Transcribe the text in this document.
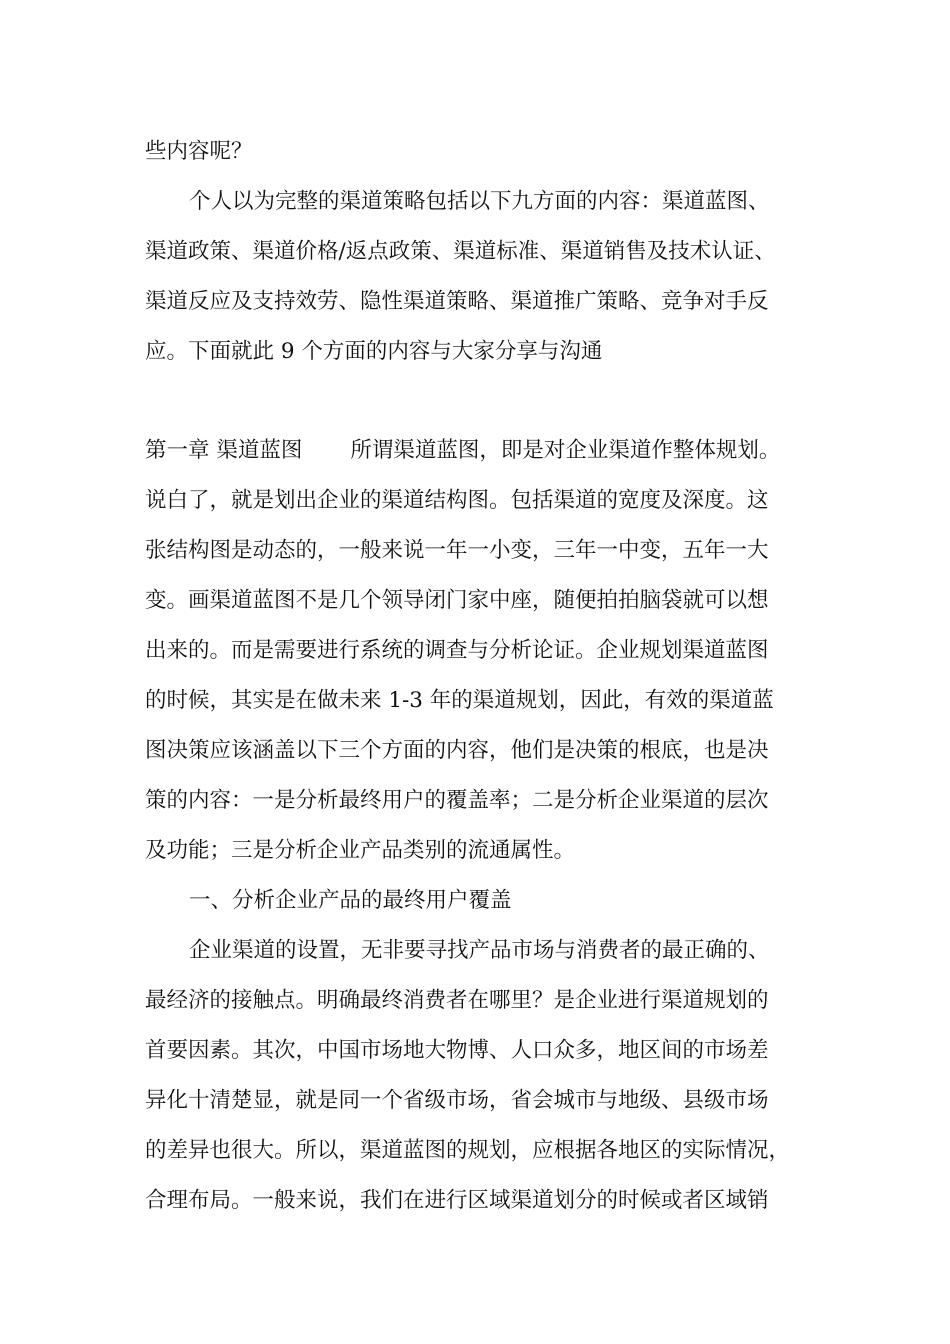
些内容呢？
个人以为完整的渠道策略包括以下九方面的内容：渠道蓝图、
渠道政策、渠道价格/返点政策、渠道标准、渠道销售及技术认证、
渠道反应及支持效劳、隐性渠道策略、渠道推广策略、竞争对手反
应。下面就此 9 个方面的内容与大家分享与沟通
第一章 渠道蓝图 所谓渠道蓝图，即是对企业渠道作整体规划。
说白了，就是划出企业的渠道结构图。包括渠道的宽度及深度。这
张结构图是动态的，一般来说一年一小变，三年一中变，五年一大
变。画渠道蓝图不是几个领导闭门家中座，随便拍拍脑袋就可以想
出来的。而是需要进行系统的调查与分析论证。企业规划渠道蓝图
的时候，其实是在做未来 1-3 年的渠道规划，因此，有效的渠道蓝
图决策应该涵盖以下三个方面的内容，他们是决策的根底，也是决
策的内容：一是分析最终用户的覆盖率；二是分析企业渠道的层次
及功能；三是分析企业产品类别的流通属性。
一、分析企业产品的最终用户覆盖
企业渠道的设置，无非要寻找产品市场与消费者的最正确的、
最经济的接触点。明确最终消费者在哪里？是企业进行渠道规划的
首要因素。其次，中国市场地大物博、人口众多，地区间的市场差
异化十清楚显，就是同一个省级市场，省会城市与地级、县级市场
的差异也很大。所以，渠道蓝图的规划，应根据各地区的实际情况，
合理布局。一般来说，我们在进行区域渠道划分的时候或者区域销
